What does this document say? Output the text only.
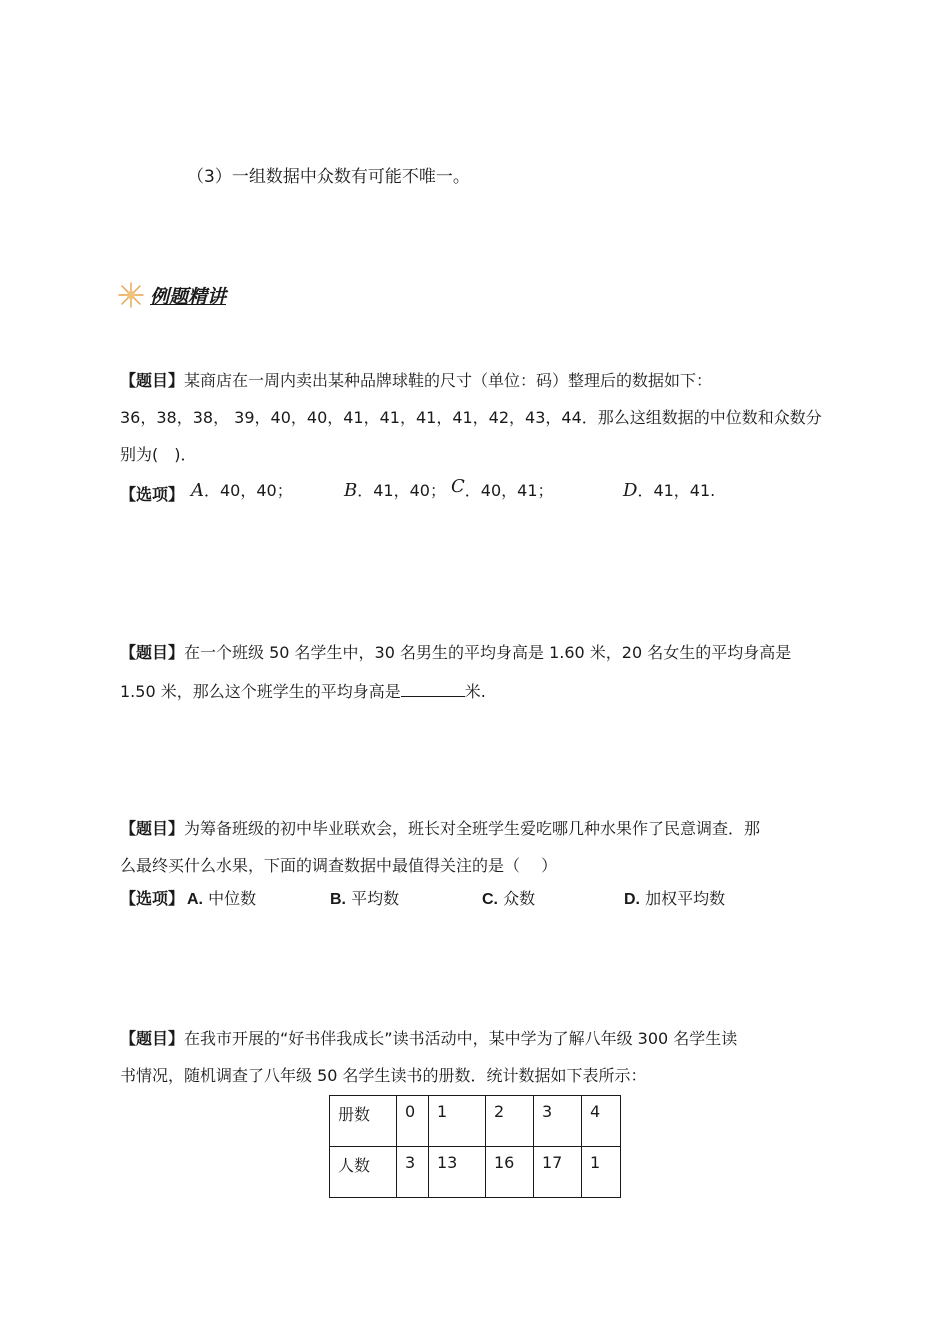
（3）一组数据中众数有可能不唯一。
例题精讲
【题目】某商店在一周内卖出某种品牌球鞋的尺寸（单位：码）整理后的数据如下：
36，38，38， 39，40，40，41，41，41，41，42，43，44．那么这组数据的中位数和众数分
别为(　)．
【选项】 A．40，40；	B．41，40； C．40，41；	D．41，41.
【题目】在一个班级 50 名学生中，30 名男生的平均身高是 1.60 米，20 名女生的平均身高是
1.50 米，那么这个班学生的平均身高是	米.
【题目】为筹备班级的初中毕业联欢会，班长对全班学生爱吃哪几种水果作了民意调查．那
么最终买什么水果，下面的调查数据中最值得关注的是（　 ）
【选项】 A. 中位数	B. 平均数	C. 众数	D. 加权平均数
【题目】在我市开展的“好书伴我成长”读书活动中，某中学为了解八年级 300 名学生读
书情况，随机调查了八年级 50 名学生读书的册数．统计数据如下表所示：
册数	0	1	2	3	4
人数	3	13	16	17	1
